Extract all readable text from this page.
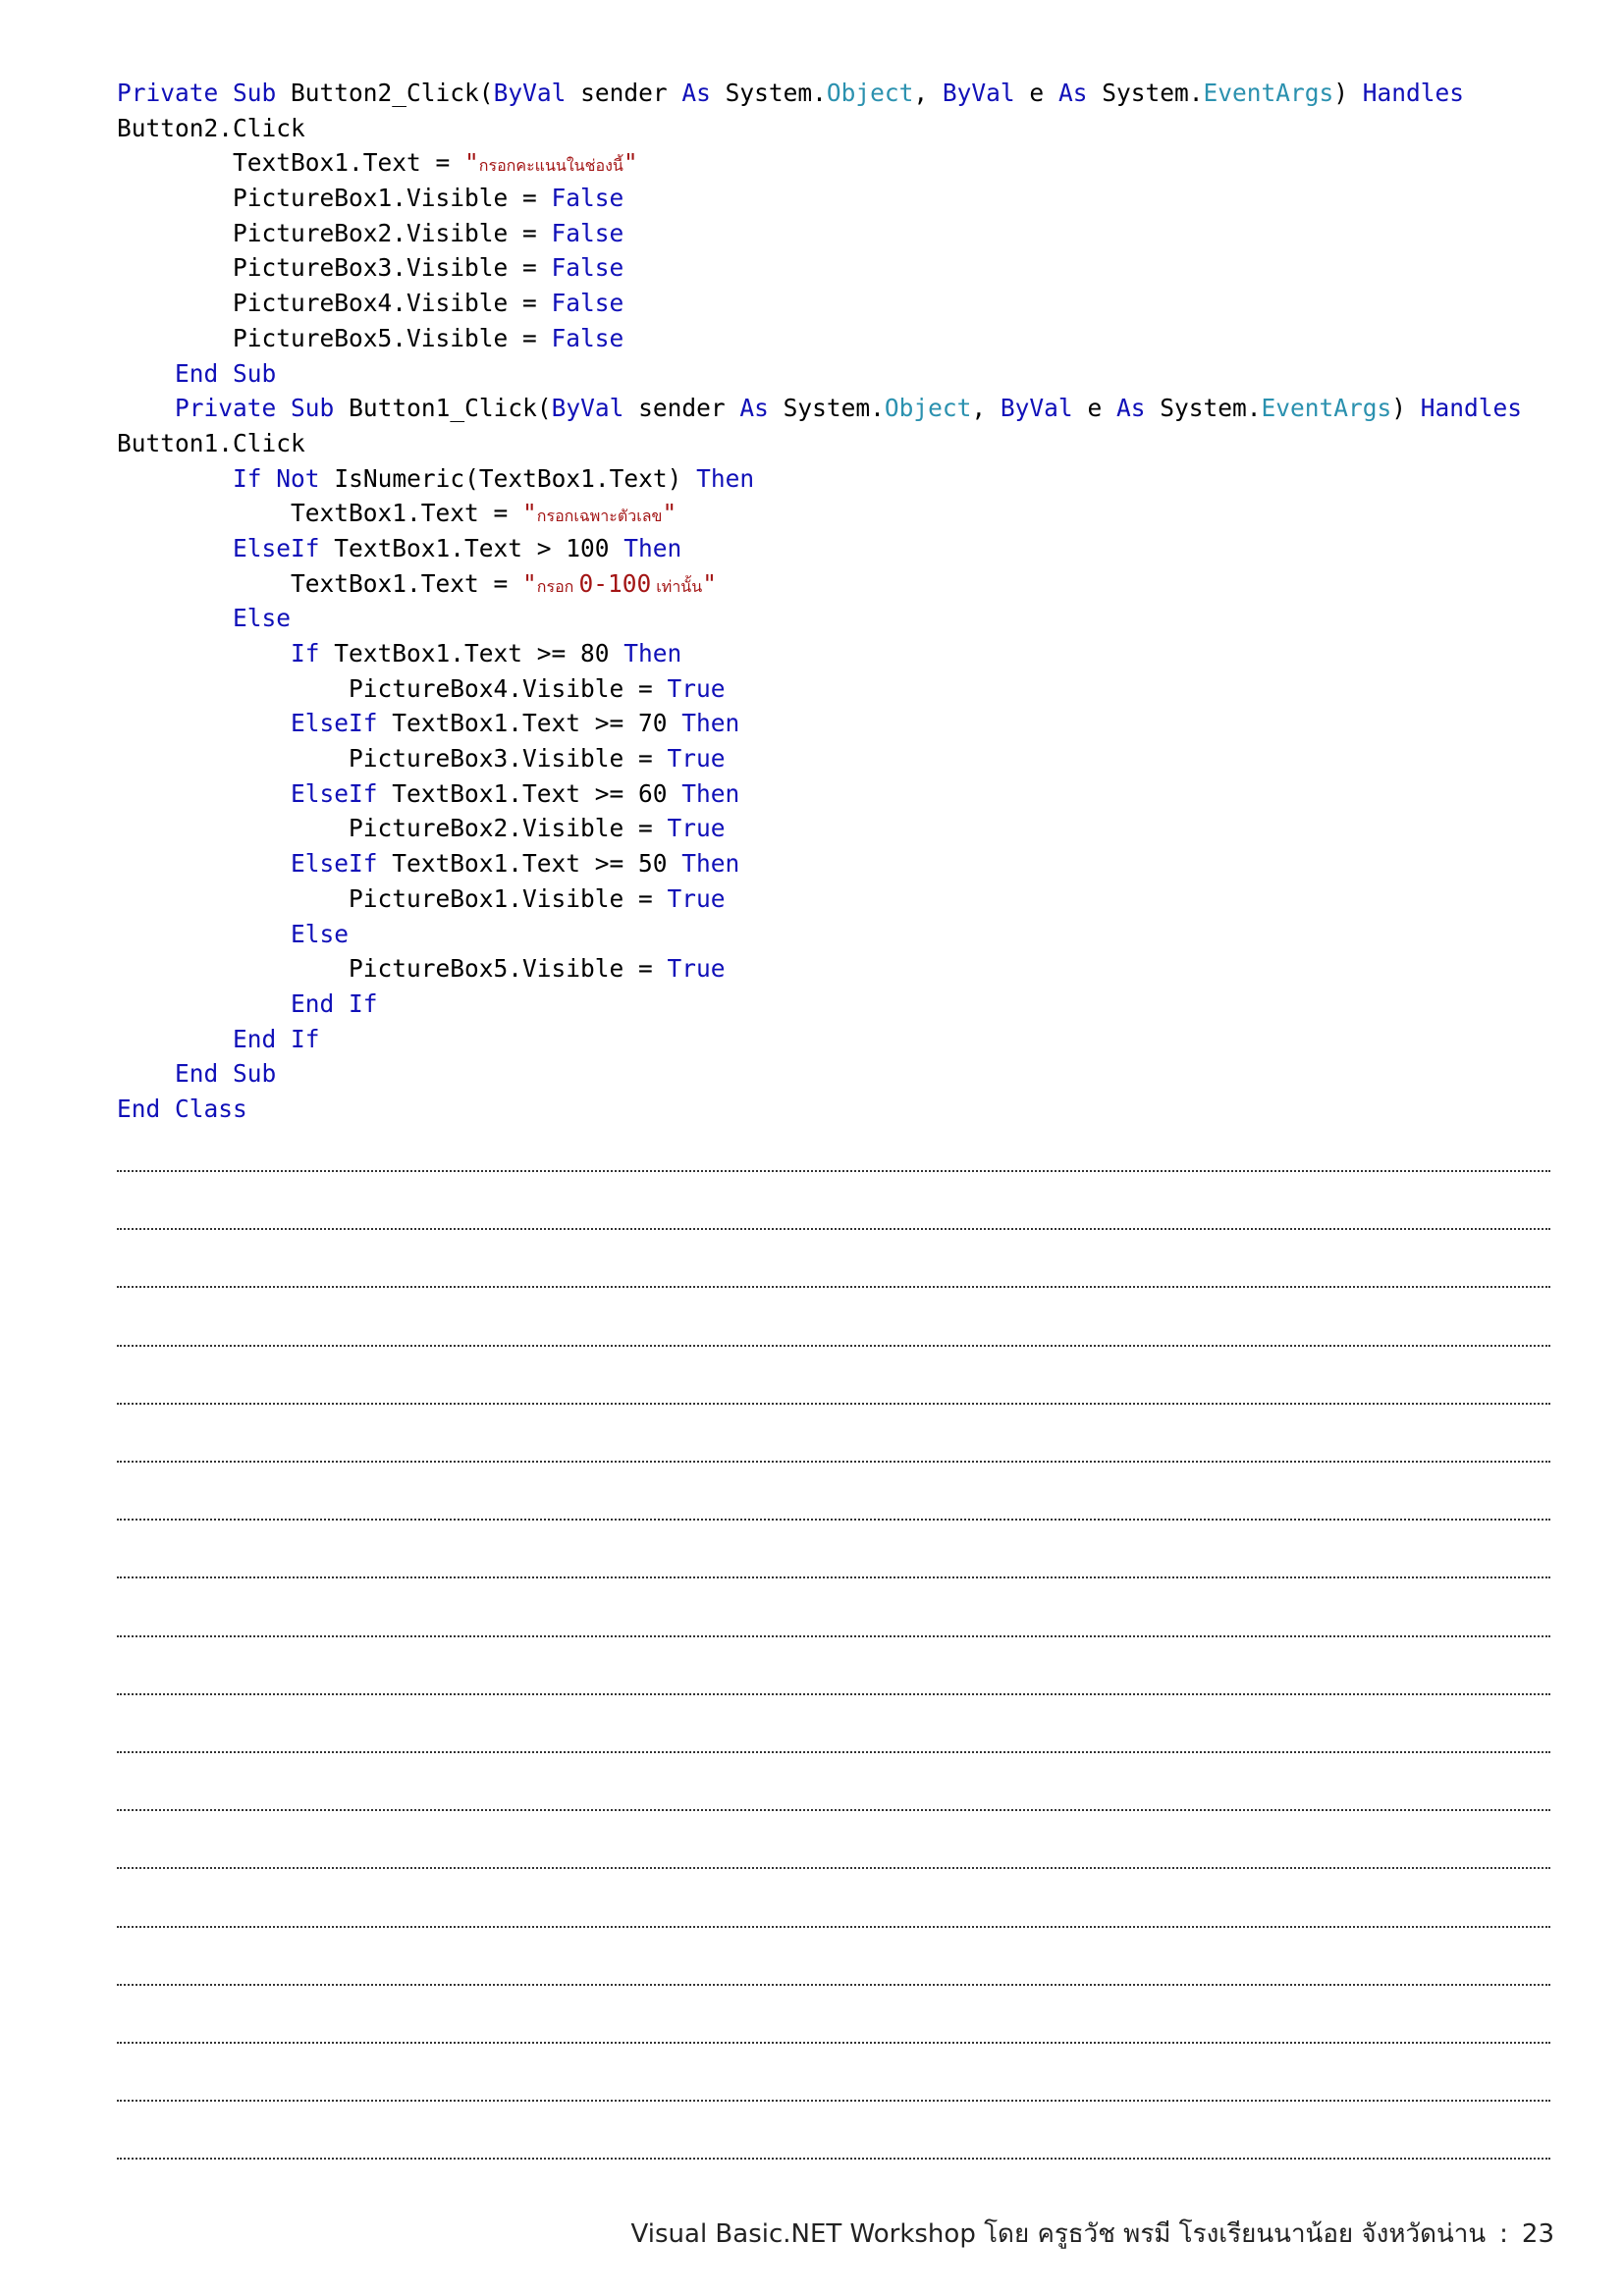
Private Sub Button2_Click(ByVal sender As System.Object, ByVal e As System.EventArgs) Handles
Button2.Click
TextBox1.Text = "กรอกคะแนนในช่องนี้"
PictureBox1.Visible = False
PictureBox2.Visible = False
PictureBox3.Visible = False
PictureBox4.Visible = False
PictureBox5.Visible = False
End Sub
Private Sub Button1_Click(ByVal sender As System.Object, ByVal e As System.EventArgs) Handles
Button1.Click
If Not IsNumeric(TextBox1.Text) Then
TextBox1.Text = "กรอกเฉพาะตัวเลข"
ElseIf TextBox1.Text > 100 Then
TextBox1.Text = "กรอก 0-100 เท่านั้น"
Else
If TextBox1.Text >= 80 Then
PictureBox4.Visible = True
ElseIf TextBox1.Text >= 70 Then
PictureBox3.Visible = True
ElseIf TextBox1.Text >= 60 Then
PictureBox2.Visible = True
ElseIf TextBox1.Text >= 50 Then
PictureBox1.Visible = True
Else
PictureBox5.Visible = True
End If
End If
End Sub
End Class
Visual Basic.NET Workshop โดย ครูธวัช พรมี โรงเรียนนาน้อย จังหวัดน่าน : 23
